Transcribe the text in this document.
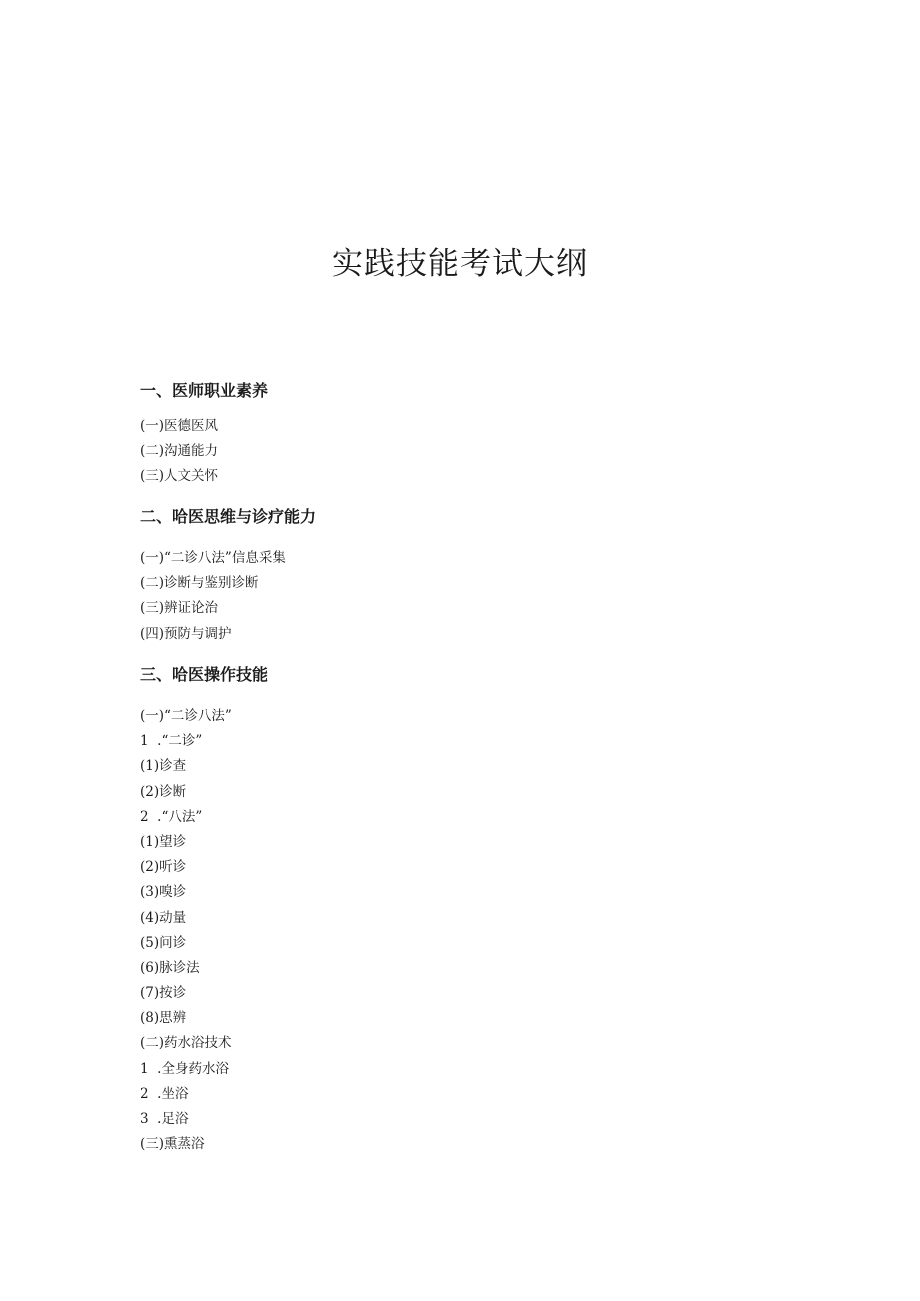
实践技能考试大纲
一、医师职业素养
(一)医德医风
(二)沟通能力
(三)人文关怀
二、哈医思维与诊疗能力
(一)“二诊八法”信息采集
(二)诊断与鉴别诊断
(三)辨证论治
(四)预防与调护
三、哈医操作技能
(一)“二诊八法”
1  .“二诊”
(1)诊查
(2)诊断
2  .“八法”
(1)望诊
(2)听诊
(3)嗅诊
(4)动量
(5)问诊
(6)脉诊法
(7)按诊
(8)思辨
(二)药水浴技术
1  .全身药水浴
2  .坐浴
3  .足浴
(三)熏蒸浴
